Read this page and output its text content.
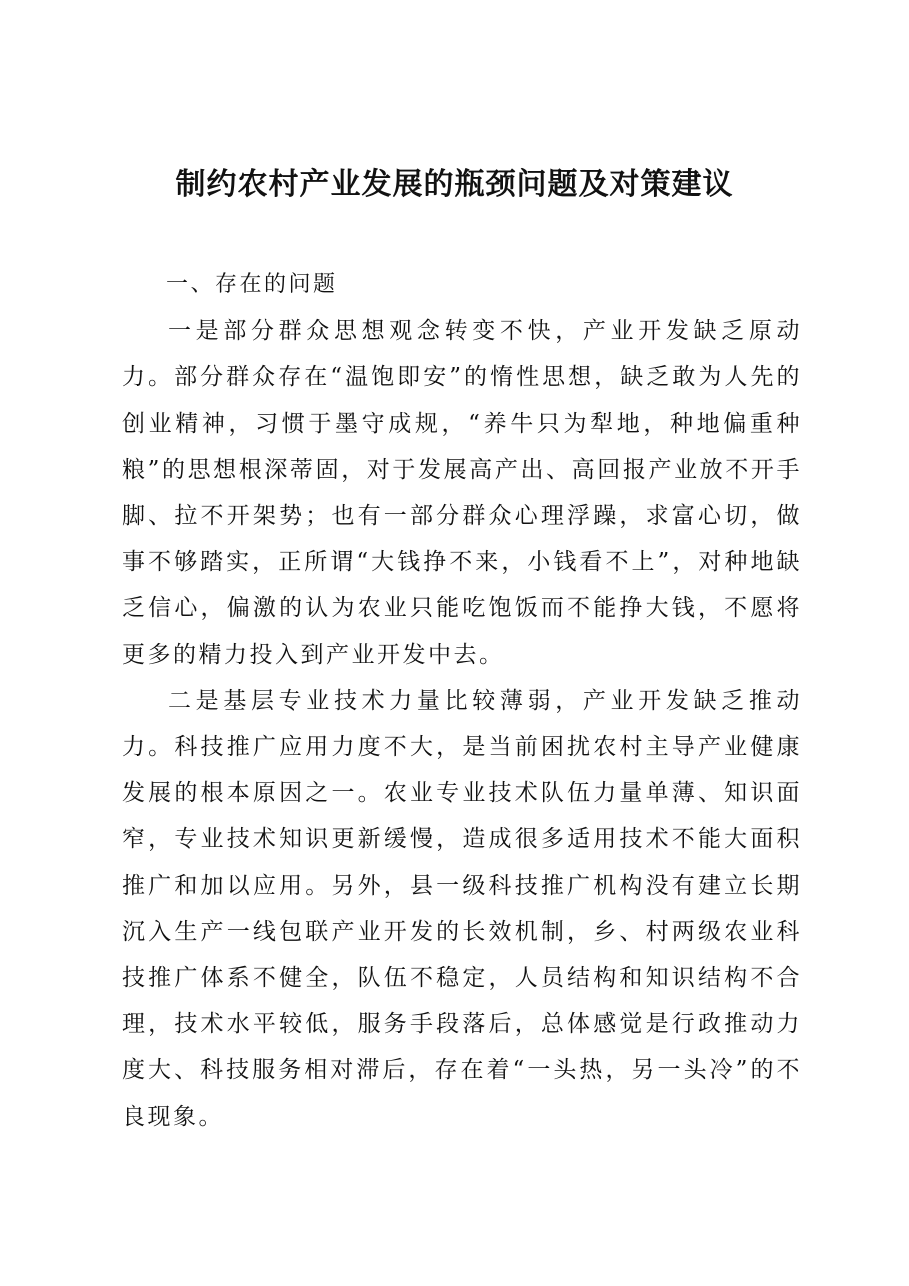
制约农村产业发展的瓶颈问题及对策建议

一、存在的问题

一是部分群众思想观念转变不快，产业开发缺乏原动力。部分群众存在“温饱即安”的惰性思想，缺乏敢为人先的创业精神，习惯于墨守成规，“养牛只为犁地，种地偏重种粮”的思想根深蒂固，对于发展高产出、高回报产业放不开手脚、拉不开架势；也有一部分群众心理浮躁，求富心切，做事不够踏实，正所谓“大钱挣不来，小钱看不上”，对种地缺乏信心，偏激的认为农业只能吃饱饭而不能挣大钱，不愿将更多的精力投入到产业开发中去。

二是基层专业技术力量比较薄弱，产业开发缺乏推动力。科技推广应用力度不大，是当前困扰农村主导产业健康发展的根本原因之一。农业专业技术队伍力量单薄、知识面窄，专业技术知识更新缓慢，造成很多适用技术不能大面积推广和加以应用。另外，县一级科技推广机构没有建立长期沉入生产一线包联产业开发的长效机制，乡、村两级农业科技推广体系不健全，队伍不稳定，人员结构和知识结构不合理，技术水平较低，服务手段落后，总体感觉是行政推动力度大、科技服务相对滞后，存在着“一头热，另一头冷”的不良现象。
